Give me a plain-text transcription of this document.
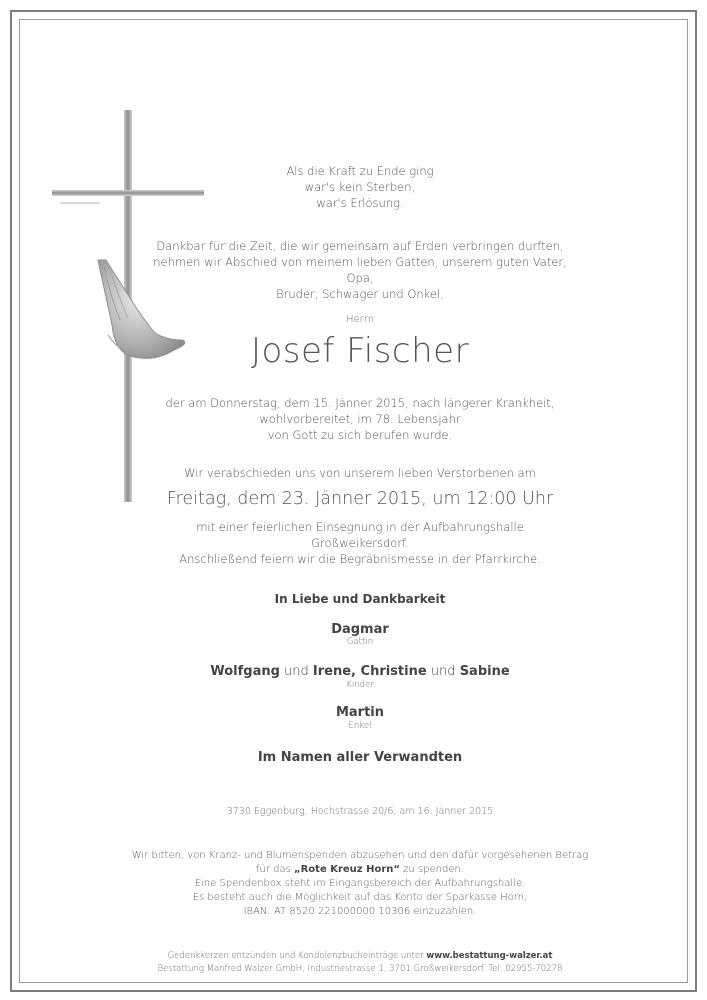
Als die Kraft zu Ende ging
war's kein Sterben,
war's Erlösung.
Dankbar für die Zeit, die wir gemeinsam auf Erden verbringen durften,
nehmen wir Abschied von meinem lieben Gatten, unserem guten Vater, Opa,
Bruder, Schwager und Onkel,
Herrn
Josef Fischer
der am Donnerstag, dem 15. Jänner 2015, nach längerer Krankheit,
wohlvorbereitet, im 78. Lebensjahr
von Gott zu sich berufen wurde.
Wir verabschieden uns von unserem lieben Verstorbenen am
Freitag, dem 23. Jänner 2015, um 12:00 Uhr
mit einer feierlichen Einsegnung in der Aufbahrungshalle Großweikersdorf.
Anschließend feiern wir die Begräbnismesse in der Pfarrkirche.
In Liebe und Dankbarkeit
Dagmar
Gattin
Wolfgang und Irene, Christine und Sabine
Kinder
Martin
Enkel
Im Namen aller Verwandten
3730 Eggenburg, Hochstrasse 20/6, am 16. Jänner 2015
Wir bitten, von Kranz- und Blumenspenden abzusehen und den dafür vorgesehenen Betrag
für das „Rote Kreuz Horn“ zu spenden.
Eine Spendenbox steht im Eingangsbereich der Aufbahrungshalle.
Es besteht auch die Möglichkeit auf das Konto der Sparkasse Horn,
IBAN: AT 8520 221000000 10306 einzuzahlen.
Gedenkkerzen entzünden und Kondolenzbucheinträge unter www.bestattung-walzer.at
Bestattung Manfred Walzer GmbH, Industriestrasse 1, 3701 Großweikersdorf. Tel. 02955-70278
